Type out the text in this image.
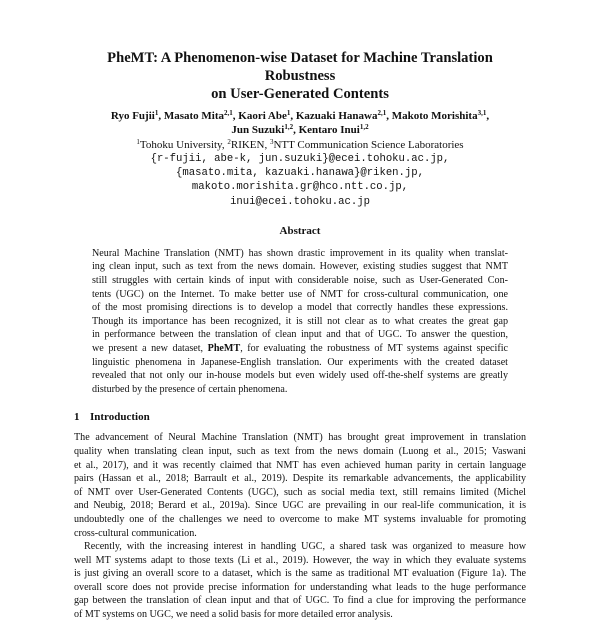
PheMT: A Phenomenon-wise Dataset for Machine Translation Robustness
on User-Generated Contents
Ryo Fujii$^1$, Masato Mita$^{2,1}$, Kaori Abe$^1$, Kazuaki Hanawa$^{2,1}$, Makoto Morishita$^{3,1}$,
Jun Suzuki$^{1,2}$, Kentaro Inui$^{1,2}$
$^1$Tohoku University, $^2$RIKEN, $^3$NTT Communication Science Laboratories
{r-fujii, abe-k, jun.suzuki}@ecei.tohoku.ac.jp,
{masato.mita, kazuaki.hanawa}@riken.jp,
makoto.morishita.gr@hco.ntt.co.jp,
inui@ecei.tohoku.ac.jp
Abstract
Neural Machine Translation (NMT) has shown drastic improvement in its quality when translat-
ing clean input, such as text from the news domain. However, existing studies suggest that NMT
still struggles with certain kinds of input with considerable noise, such as User-Generated Con-
tents (UGC) on the Internet. To make better use of NMT for cross-cultural communication, one
of the most promising directions is to develop a model that correctly handles these expressions.
Though its importance has been recognized, it is still not clear as to what creates the great gap
in performance between the translation of clean input and that of UGC. To answer the question,
we present a new dataset, PheMT, for evaluating the robustness of MT systems against specific
linguistic phenomena in Japanese-English translation. Our experiments with the created dataset
revealed that not only our in-house models but even widely used off-the-shelf systems are greatly
disturbed by the presence of certain phenomena.
1 Introduction
The advancement of Neural Machine Translation (NMT) has brought great improvement in translation
quality when translating clean input, such as text from the news domain (Luong et al., 2015; Vaswani
et al., 2017), and it was recently claimed that NMT has even achieved human parity in certain language
pairs (Hassan et al., 2018; Barrault et al., 2019). Despite its remarkable advancements, the applicability
of NMT over User-Generated Contents (UGC), such as social media text, still remains limited (Michel
and Neubig, 2018; Berard et al., 2019a). Since UGC are prevailing in our real-life communication, it is
undoubtedly one of the challenges we need to overcome to make MT systems invaluable for promoting
cross-cultural communication.
Recently, with the increasing interest in handling UGC, a shared task was organized to measure how
well MT systems adapt to those texts (Li et al., 2019). However, the way in which they evaluate systems
is just giving an overall score to a dataset, which is the same as traditional MT evaluation (Figure 1a). The
overall score does not provide precise information for understanding what leads to the huge performance
gap between the translation of clean input and that of UGC. To find a clue for improving the performance
of MT systems on UGC, we need a solid basis for more detailed error analysis.
